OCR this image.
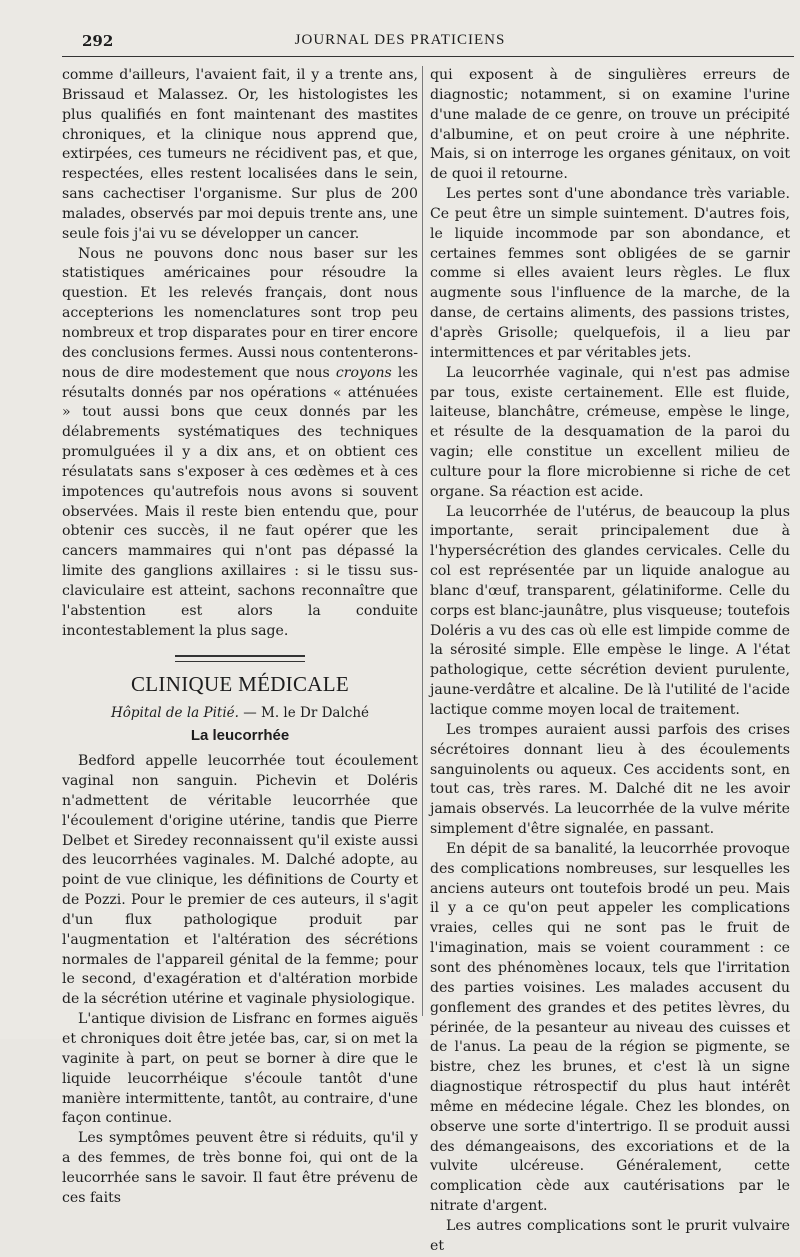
292	JOURNAL DES PRATICIENS

comme d'ailleurs, l'avaient fait, il y a trente ans, Brissaud et Malassez. Or, les histologistes les plus qualifiés en font maintenant des mastites chroniques, et la clinique nous apprend que, extirpées, ces tumeurs ne récidivent pas, et que, respectées, elles restent localisées dans le sein, sans cachectiser l'organisme. Sur plus de 200 malades, observés par moi depuis trente ans, une seule fois j'ai vu se développer un cancer.

Nous ne pouvons donc nous baser sur les statistiques américaines pour résoudre la question. Et les relevés français, dont nous accepterions les nomenclatures sont trop peu nombreux et trop disparates pour en tirer encore des conclusions fermes. Aussi nous contenterons-nous de dire modestement que nous croyons les résutalts donnés par nos opérations « atténuées » tout aussi bons que ceux donnés par les délabrements systématiques des techniques promulguées il y a dix ans, et on obtient ces résulatats sans s'exposer à ces œdèmes et à ces impotences qu'autrefois nous avons si souvent observées. Mais il reste bien entendu que, pour obtenir ces succès, il ne faut opérer que les cancers mammaires qui n'ont pas dépassé la limite des ganglions axillaires : si le tissu sus-claviculaire est atteint, sachons reconnaître que l'abstention est alors la conduite incontestablement la plus sage.

CLINIQUE MÉDICALE
Hôpital de la Pitié. — M. le Dr Dalché
La leucorrhée

Bedford appelle leucorrhée tout écoulement vaginal non sanguin. Pichevin et Doléris n'admettent de véritable leucorrhée que l'écoulement d'origine utérine, tandis que Pierre Delbet et Siredey reconnaissent qu'il existe aussi des leucorrhées vaginales. M. Dalché adopte, au point de vue clinique, les définitions de Courty et de Pozzi. Pour le premier de ces auteurs, il s'agit d'un flux pathologique produit par l'augmentation et l'altération des sécrétions normales de l'appareil génital de la femme; pour le second, d'exagération et d'altération morbide de la sécrétion utérine et vaginale physiologique.

L'antique division de Lisfranc en formes aiguës et chroniques doit être jetée bas, car, si on met la vaginite à part, on peut se borner à dire que le liquide leucorrhéique s'écoule tantôt d'une manière intermittente, tantôt, au contraire, d'une façon continue.

Les symptômes peuvent être si réduits, qu'il y a des femmes, de très bonne foi, qui ont de la leucorrhée sans le savoir. Il faut être prévenu de ces faits

qui exposent à de singulières erreurs de diagnostic; notamment, si on examine l'urine d'une malade de ce genre, on trouve un précipité d'albumine, et on peut croire à une néphrite. Mais, si on interroge les organes génitaux, on voit de quoi il retourne.

Les pertes sont d'une abondance très variable. Ce peut être un simple suintement. D'autres fois, le liquide incommode par son abondance, et certaines femmes sont obligées de se garnir comme si elles avaient leurs règles. Le flux augmente sous l'influence de la marche, de la danse, de certains aliments, des passions tristes, d'après Grisolle; quelquefois, il a lieu par intermittences et par véritables jets.

La leucorrhée vaginale, qui n'est pas admise par tous, existe certainement. Elle est fluide, laiteuse, blanchâtre, crémeuse, empèse le linge, et résulte de la desquamation de la paroi du vagin; elle constitue un excellent milieu de culture pour la flore microbienne si riche de cet organe. Sa réaction est acide.

La leucorrhée de l'utérus, de beaucoup la plus importante, serait principalement due à l'hypersécrétion des glandes cervicales. Celle du col est représentée par un liquide analogue au blanc d'œuf, transparent, gélatiniforme. Celle du corps est blanc-jaunâtre, plus visqueuse; toutefois Doléris a vu des cas où elle est limpide comme de la sérosité simple. Elle empèse le linge. A l'état pathologique, cette sécrétion devient purulente, jaune-verdâtre et alcaline. De là l'utilité de l'acide lactique comme moyen local de traitement.

Les trompes auraient aussi parfois des crises sécrétoires donnant lieu à des écoulements sanguinolents ou aqueux. Ces accidents sont, en tout cas, très rares. M. Dalché dit ne les avoir jamais observés. La leucorrhée de la vulve mérite simplement d'être signalée, en passant.

En dépit de sa banalité, la leucorrhée provoque des complications nombreuses, sur lesquelles les anciens auteurs ont toutefois brodé un peu. Mais il y a ce qu'on peut appeler les complications vraies, celles qui ne sont pas le fruit de l'imagination, mais se voient couramment : ce sont des phénomènes locaux, tels que l'irritation des parties voisines. Les malades accusent du gonflement des grandes et des petites lèvres, du périnée, de la pesanteur au niveau des cuisses et de l'anus. La peau de la région se pigmente, se bistre, chez les brunes, et c'est là un signe diagnostique rétrospectif du plus haut intérêt même en médecine légale. Chez les blondes, on observe une sorte d'intertrigo. Il se produit aussi des démangeaisons, des excoriations et de la vulvite ulcéreuse. Généralement, cette complication cède aux cautérisations par le nitrate d'argent.

Les autres complications sont le prurit vulvaire et
